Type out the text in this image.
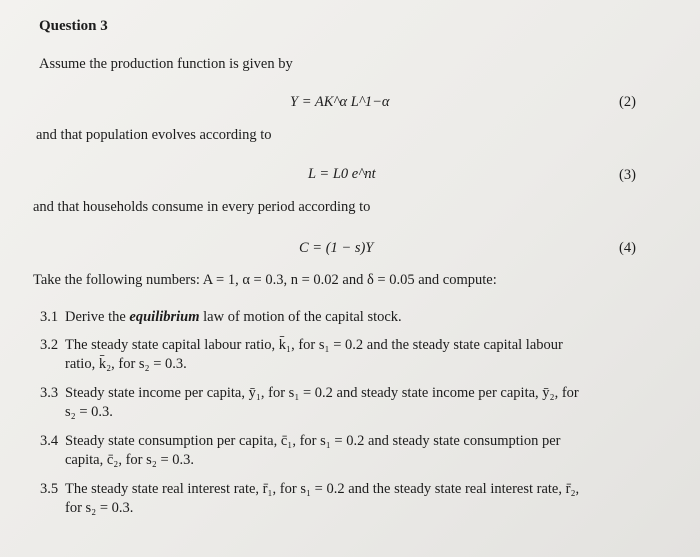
Question 3
Assume the production function is given by
Y = AK^α L^1−α	(2)
and that population evolves according to
L = L0 e^nt	(3)
and that households consume in every period according to
C = (1 − s)Y	(4)
Take the following numbers: A = 1, α = 0.3, n = 0.02 and δ = 0.05 and compute:
3.1 Derive the equilibrium law of motion of the capital stock.
3.2 The steady state capital labour ratio, k̄₁, for s₁ = 0.2 and the steady state capital labour
ratio, k̄₂, for s₂ = 0.3.
3.3 Steady state income per capita, ȳ₁, for s₁ = 0.2 and steady state income per capita, ȳ₂, for
s₂ = 0.3.
3.4 Steady state consumption per capita, c̄₁, for s₁ = 0.2 and steady state consumption per
capita, c̄₂, for s₂ = 0.3.
3.5 The steady state real interest rate, r̄₁, for s₁ = 0.2 and the steady state real interest rate, r̄₂,
for s₂ = 0.3.
